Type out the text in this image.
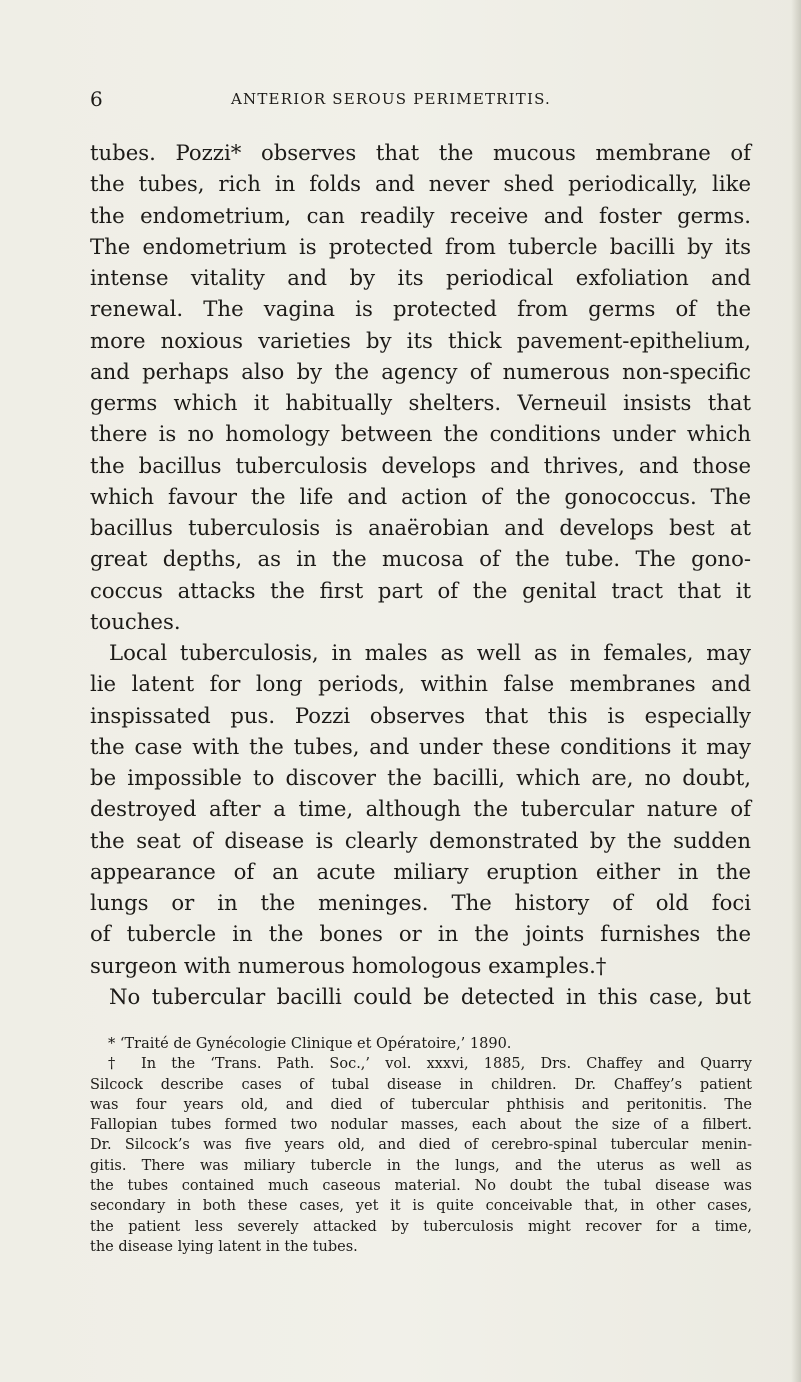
6	ANTERIOR SEROUS PERIMETRITIS.
tubes. Pozzi* observes that the mucous membrane of
the tubes, rich in folds and never shed periodically, like
the endometrium, can readily receive and foster germs.
The endometrium is protected from tubercle bacilli by its
intense vitality and by its periodical exfoliation and
renewal. The vagina is protected from germs of the
more noxious varieties by its thick pavement-epithelium,
and perhaps also by the agency of numerous non-specific
germs which it habitually shelters. Verneuil insists that
there is no homology between the conditions under which
the bacillus tuberculosis develops and thrives, and those
which favour the life and action of the gonococcus. The
bacillus tuberculosis is anaërobian and develops best at
great depths, as in the mucosa of the tube. The gono-
coccus attacks the first part of the genital tract that it
touches.
Local tuberculosis, in males as well as in females, may
lie latent for long periods, within false membranes and
inspissated pus. Pozzi observes that this is especially
the case with the tubes, and under these conditions it may
be impossible to discover the bacilli, which are, no doubt,
destroyed after a time, although the tubercular nature of
the seat of disease is clearly demonstrated by the sudden
appearance of an acute miliary eruption either in the
lungs or in the meninges. The history of old foci
of tubercle in the bones or in the joints furnishes the
surgeon with numerous homologous examples.†
No tubercular bacilli could be detected in this case, but
* ‘Traité de Gynécologie Clinique et Opératoire,’ 1890.
† In the ‘Trans. Path. Soc.,’ vol. xxxvi, 1885, Drs. Chaffey and Quarry
Silcock describe cases of tubal disease in children. Dr. Chaffey’s patient
was four years old, and died of tubercular phthisis and peritonitis. The
Fallopian tubes formed two nodular masses, each about the size of a filbert.
Dr. Silcock’s was five years old, and died of cerebro-spinal tubercular menin-
gitis. There was miliary tubercle in the lungs, and the uterus as well as
the tubes contained much caseous material. No doubt the tubal disease was
secondary in both these cases, yet it is quite conceivable that, in other cases,
the patient less severely attacked by tuberculosis might recover for a time,
the disease lying latent in the tubes.
